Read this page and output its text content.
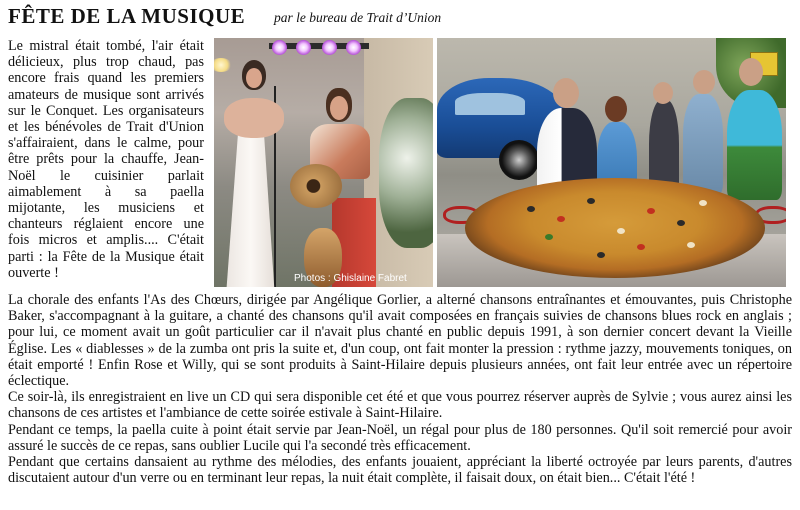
FÊTE DE LA MUSIQUE par le bureau de Trait d’Union

Le mistral était tombé, l'air était délicieux, plus trop chaud, pas encore frais quand les premiers amateurs de musique sont arrivés sur le Conquet. Les organisateurs et les bénévoles de Trait d'Union s'affairaient, dans le calme, pour être prêts pour la chauffe, Jean-Noël le cuisinier parlait aimablement à sa paella mijotante, les musiciens et chanteurs réglaient encore une fois micros et amplis.... C'était parti : la Fête de la Musique était ouverte !	Photos : Ghislaine Fabret

La chorale des enfants l'As des Chœurs, dirigée par Angélique Gorlier, a alterné chansons entraînantes et émouvantes, puis Christophe Baker, s'accompagnant à la guitare, a chanté des chansons qu'il avait composées en français suivies de chansons blues rock en anglais ; pour lui, ce moment avait un goût particulier car il n'avait plus chanté en public depuis 1991, à son dernier concert devant la Vieille Église. Les « diablesses » de la zumba ont pris la suite et, d'un coup, ont fait monter la pression : rythme jazzy, mouvements toniques, on était emporté ! Enfin Rose et Willy, qui se sont produits à Saint-Hilaire depuis plusieurs années, ont fait leur entrée avec un répertoire éclectique.

Ce soir-là, ils enregistraient en live un CD qui sera disponible cet été et que vous pourrez réserver auprès de Sylvie ; vous aurez ainsi les chansons de ces artistes et l'ambiance de cette soirée estivale à Saint-Hilaire.

Pendant ce temps, la paella cuite à point était servie par Jean-Noël, un régal pour plus de 180 personnes. Qu'il soit remercié pour avoir assuré le succès de ce repas, sans oublier Lucile qui l'a secondé très efficacement.

Pendant que certains dansaient au rythme des mélodies, des enfants jouaient, appréciant la liberté octroyée par leurs parents, d'autres discutaient autour d'un verre ou en terminant leur repas, la nuit était complète, il faisait doux, on était bien... C'était l'été !
